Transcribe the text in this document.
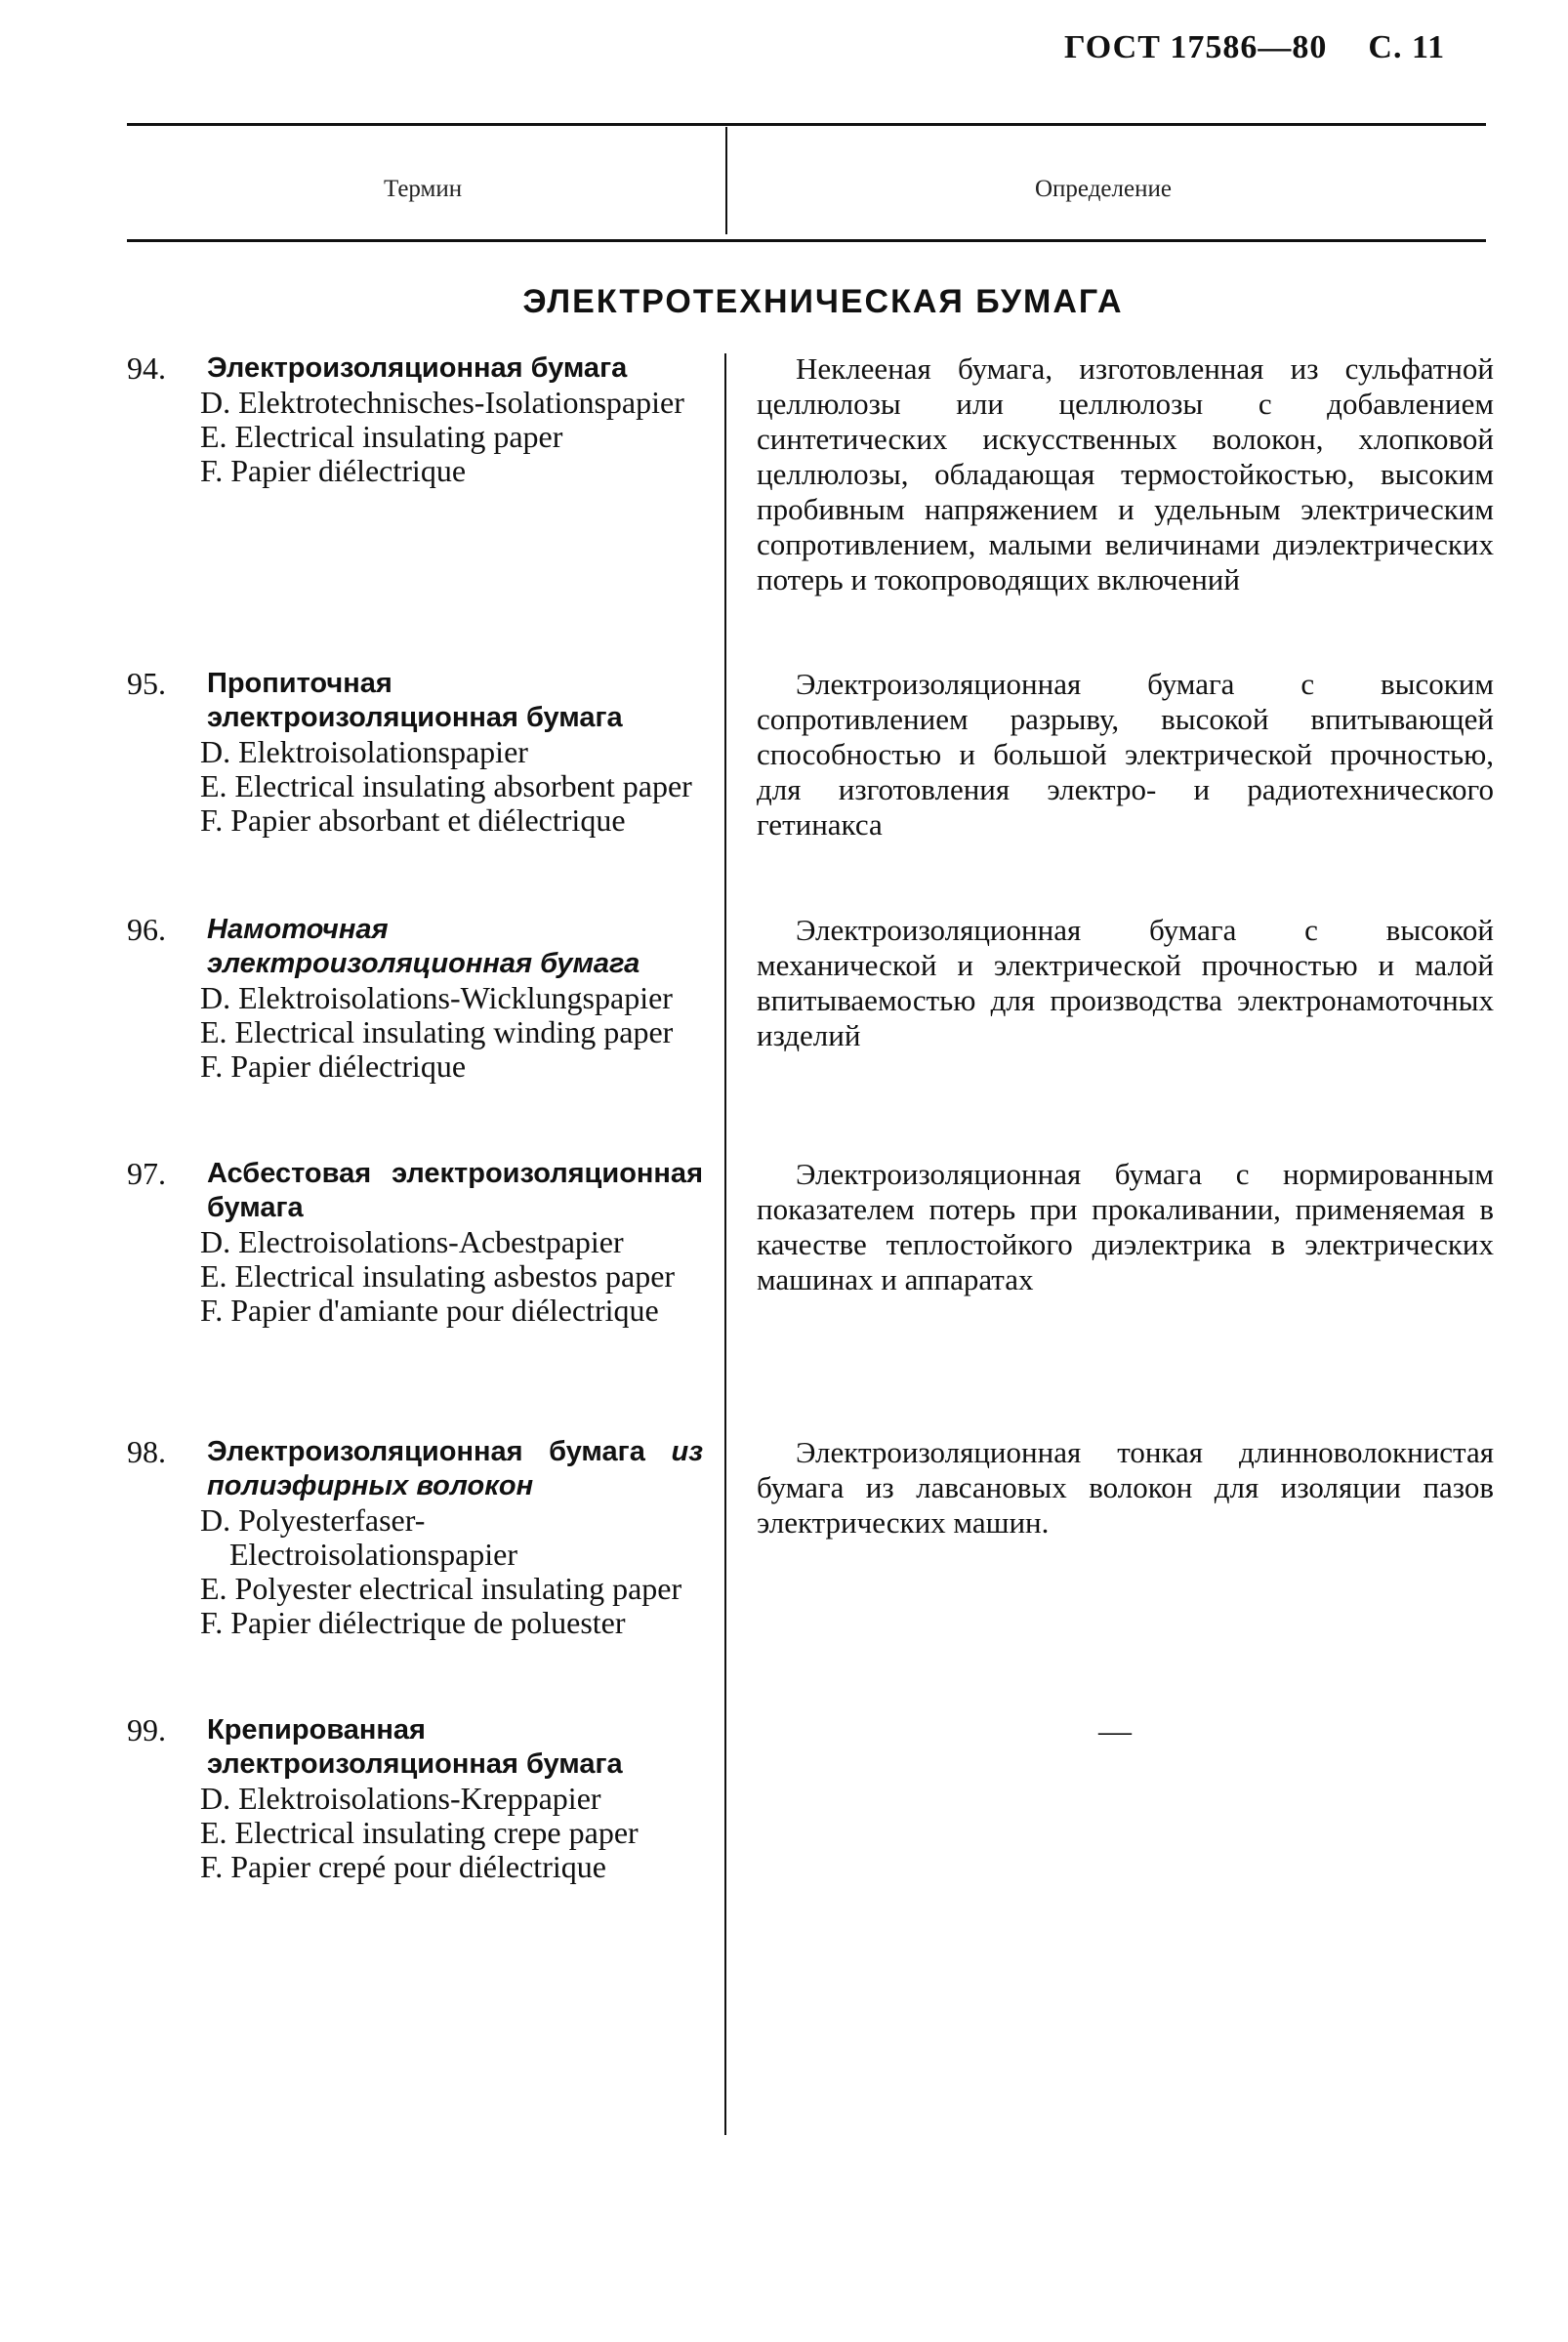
ГОСТ 17586—80 С. 11
Термин	Определение
ЭЛЕКТРОТЕХНИЧЕСКАЯ БУМАГА
94. Электроизоляционная бумага
D. Elektrotechnisches-Isolationspapier
E. Electrical insulating paper
F. Papier diélectrique

Неклееная бумага, изготовленная из сульфатной целлюлозы или целлюлозы с добавлением синтетических искусственных волокон, хлопковой целлюлозы, обладающая термостойкостью, высоким пробивным напряжением и удельным электрическим сопротивлением, малыми величинами диэлектрических потерь и токопроводящих включений

95. Пропиточная электроизоляционная бумага
D. Elektroisolationspapier
E. Electrical insulating absorbent paper
F. Papier absorbant et diélectrique

Электроизоляционная бумага с высоким сопротивлением разрыву, высокой впитывающей способностью и большой электрической прочностью, для изготовления электро- и радиотехнического гетинакса

96. Намоточная электроизоляционная бумага
D. Elektroisolations-Wicklungspapier
E. Electrical insulating winding paper
F. Papier diélectrique

Электроизоляционная бумага с высокой механической и электрической прочностью и малой впитываемостью для производства электронамоточных изделий

97. Асбестовая электроизоляционная бумага
D. Electroisolations-Acbestpapier
E. Electrical insulating asbestos paper
F. Papier d'amiante pour diélectrique

Электроизоляционная бумага с нормированным показателем потерь при прокаливании, применяемая в качестве теплостойкого диэлектрика в электрических машинах и аппаратах

98. Электроизоляционная бумага из полиэфирных волокон
D. Polyesterfaser-Electroisolationspapier
E. Polyester electrical insulating paper
F. Papier diélectrique de poluester

Электроизоляционная тонкая длинноволокнистая бумага из лавсановых волокон для изоляции пазов электрических машин.

99. Крепированная электроизоляционная бумага
D. Elektroisolations-Kreppapier
E. Electrical insulating crepe paper
F. Papier crepé pour diélectrique
—
